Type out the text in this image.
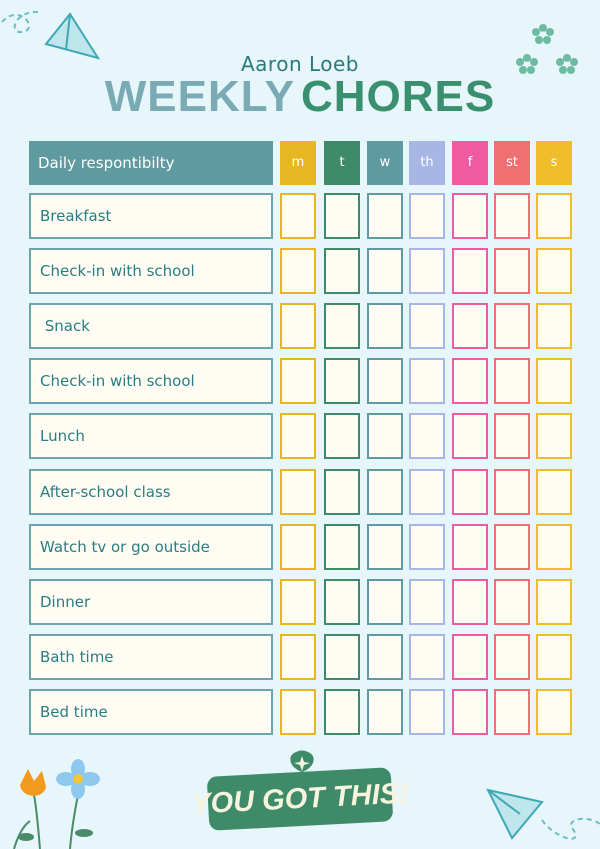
Aaron Loeb
WEEKLY CHORES
Daily respontibilty	m	t	w	th	f	st	s
Breakfast
Check-in with school
Snack
Check-in with school
Lunch
After-school class
Watch tv or go outside
Dinner
Bath time
Bed time
YOU GOT THIS!
